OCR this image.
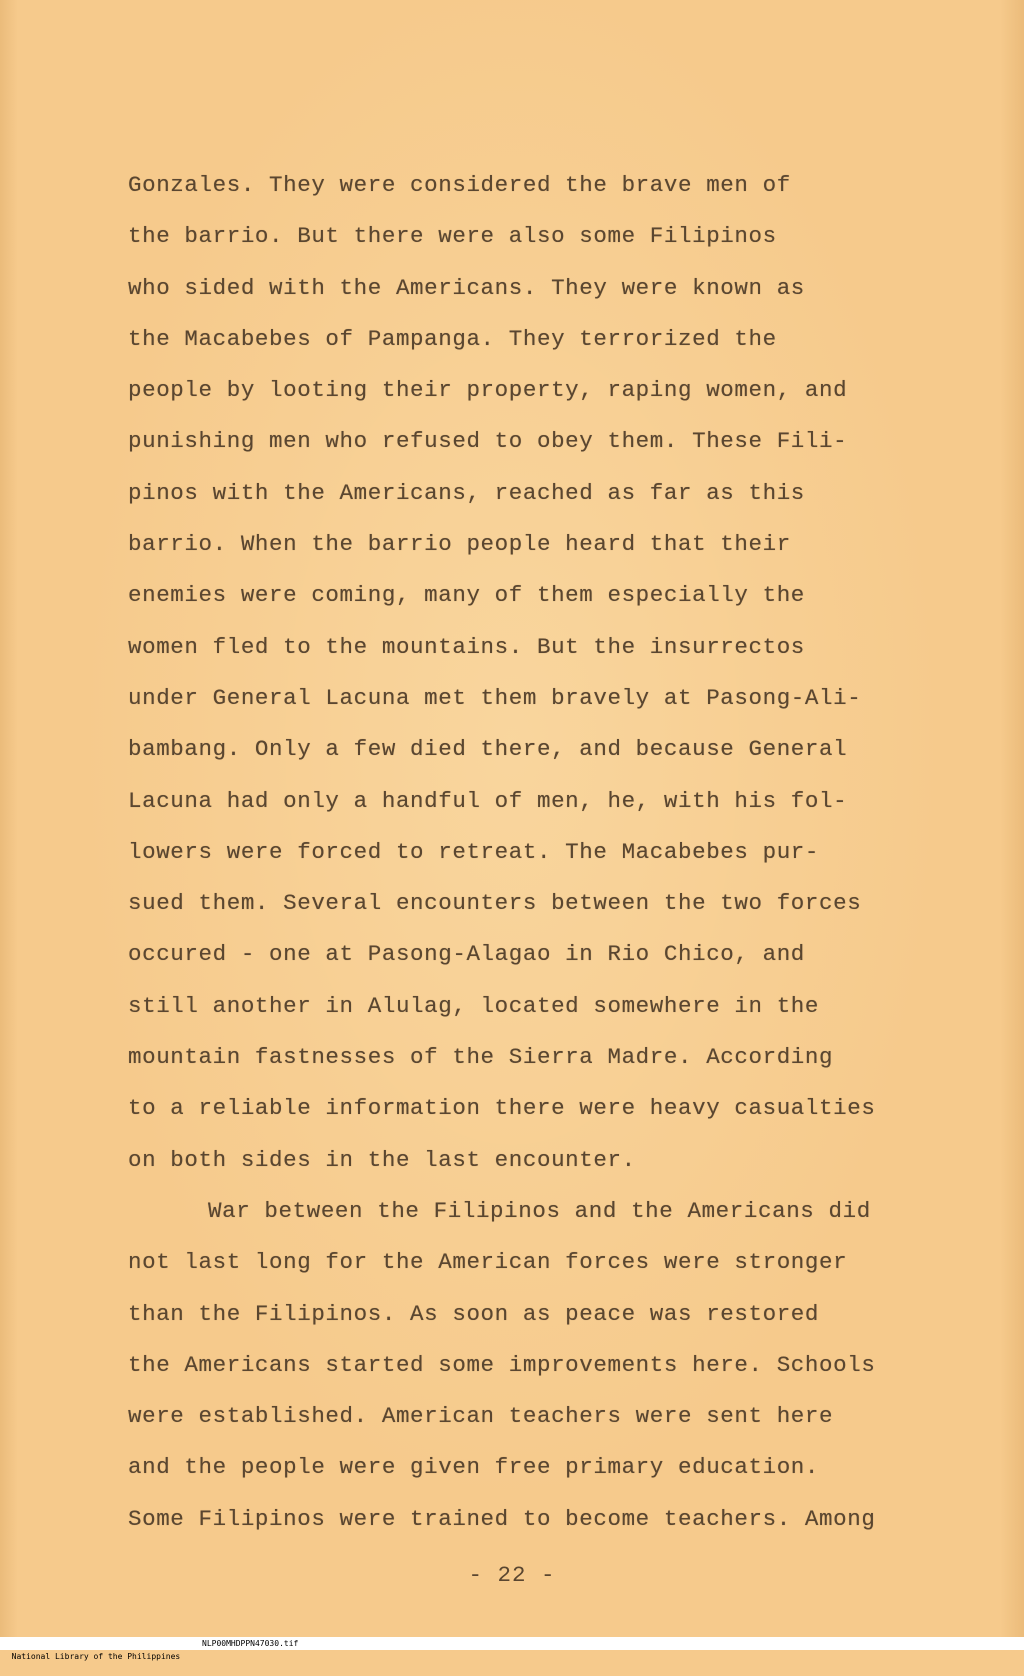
Gonzales. They were considered the brave men of
the barrio. But there were also some Filipinos
who sided with the Americans. They were known as
the Macabebes of Pampanga. They terrorized the
people by looting their property, raping women, and
punishing men who refused to obey them. These Fili-
pinos with the Americans, reached as far as this
barrio. When the barrio people heard that their
enemies were coming, many of them especially the
women fled to the mountains. But the insurrectos
under General Lacuna met them bravely at Pasong-Ali-
bambang. Only a few died there, and because General
Lacuna had only a handful of men, he, with his fol-
lowers were forced to retreat. The Macabebes pur-
sued them. Several encounters between the two forces
occured - one at Pasong-Alagao in Rio Chico, and
still another in Alulag, located somewhere in the
mountain fastnesses of the Sierra Madre. According
to a reliable information there were heavy casualties
on both sides in the last encounter.
War between the Filipinos and the Americans did
not last long for the American forces were stronger
than the Filipinos. As soon as peace was restored
the Americans started some improvements here. Schools
were established. American teachers were sent here
and the people were given free primary education.
Some Filipinos were trained to become teachers. Among
- 22 -

National Library of the Philippines

NLP00MHDPPN47030.tif
